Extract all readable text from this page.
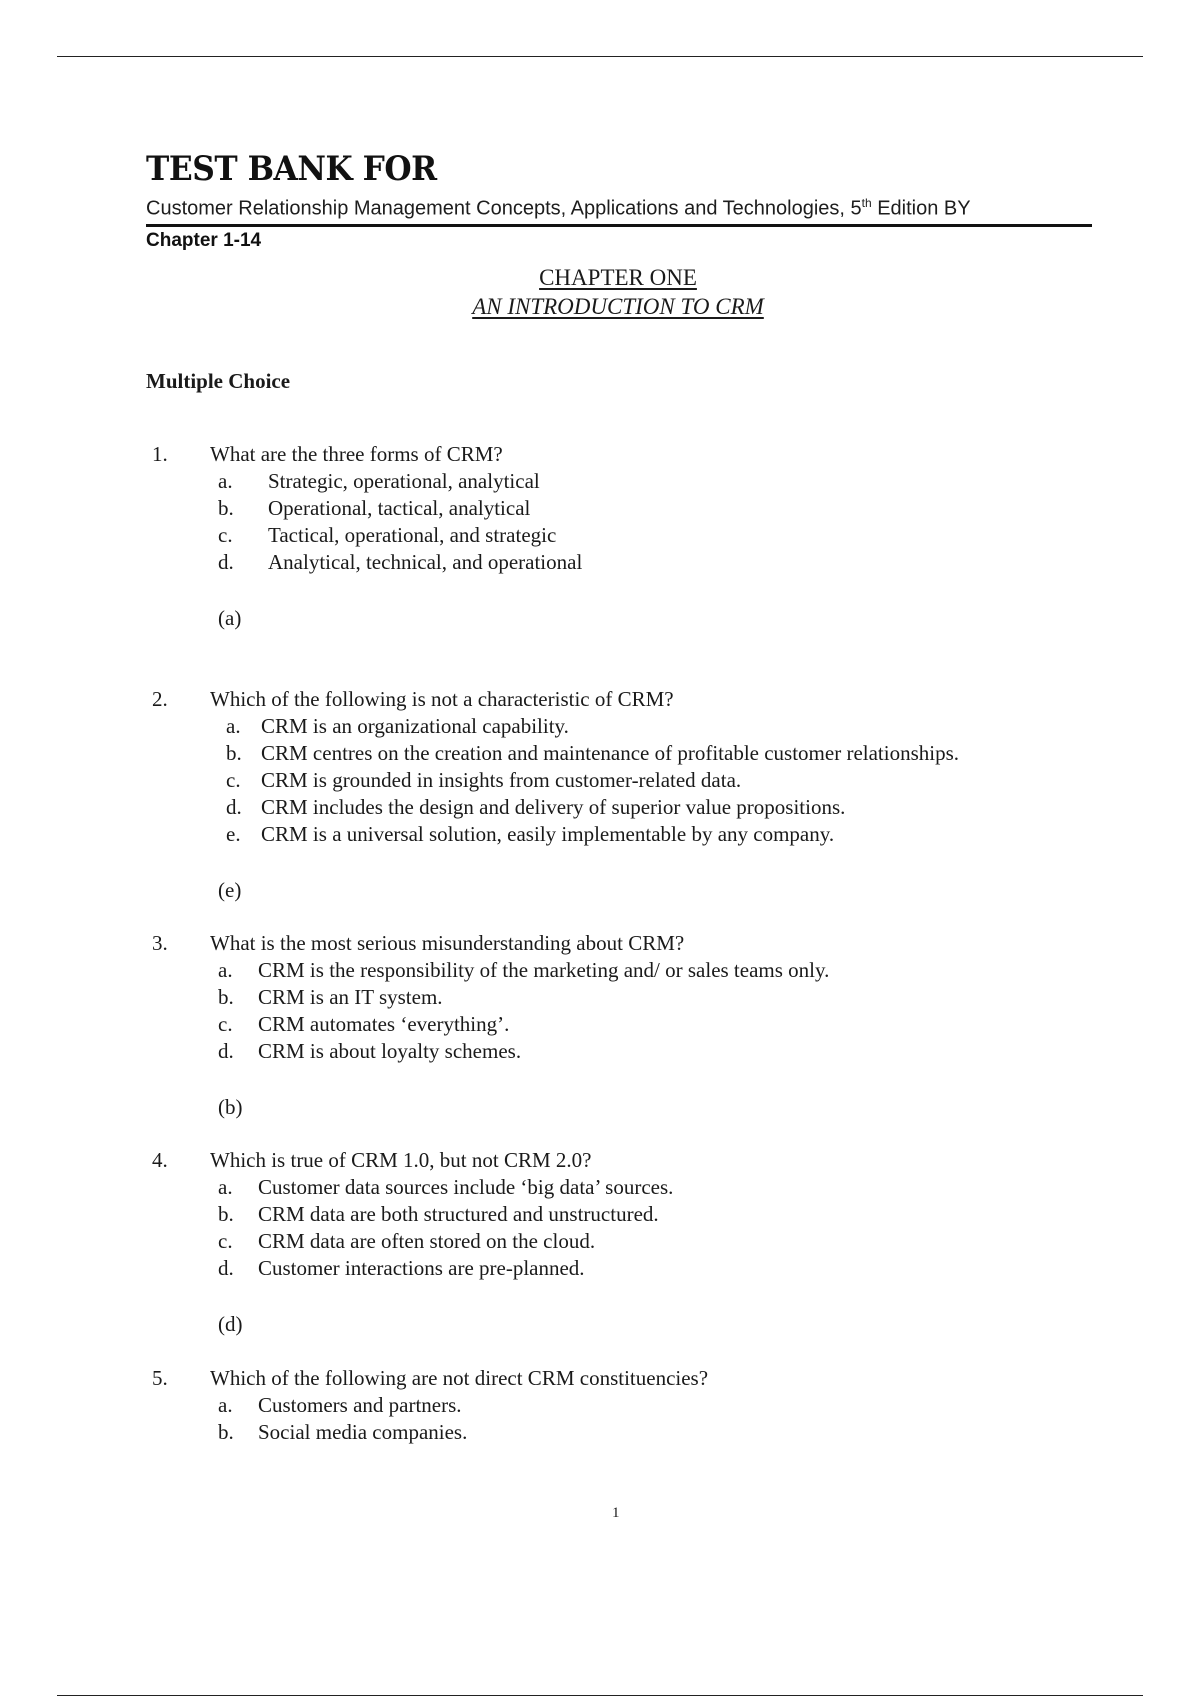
TEST BANK FOR
Customer Relationship Management Concepts, Applications and Technologies, 5th Edition BY
Chapter 1-14
CHAPTER ONE
AN INTRODUCTION TO CRM
Multiple Choice
1. What are the three forms of CRM?
a. Strategic, operational, analytical
b. Operational, tactical, analytical
c. Tactical, operational, and strategic
d. Analytical, technical, and operational
(a)
2. Which of the following is not a characteristic of CRM?
a. CRM is an organizational capability.
b. CRM centres on the creation and maintenance of profitable customer relationships.
c. CRM is grounded in insights from customer-related data.
d. CRM includes the design and delivery of superior value propositions.
e. CRM is a universal solution, easily implementable by any company.
(e)
3. What is the most serious misunderstanding about CRM?
a. CRM is the responsibility of the marketing and/ or sales teams only.
b. CRM is an IT system.
c. CRM automates ‘everything’.
d. CRM is about loyalty schemes.
(b)
4. Which is true of CRM 1.0, but not CRM 2.0?
a. Customer data sources include ‘big data’ sources.
b. CRM data are both structured and unstructured.
c. CRM data are often stored on the cloud.
d. Customer interactions are pre-planned.
(d)
5. Which of the following are not direct CRM constituencies?
a. Customers and partners.
b. Social media companies.
1
